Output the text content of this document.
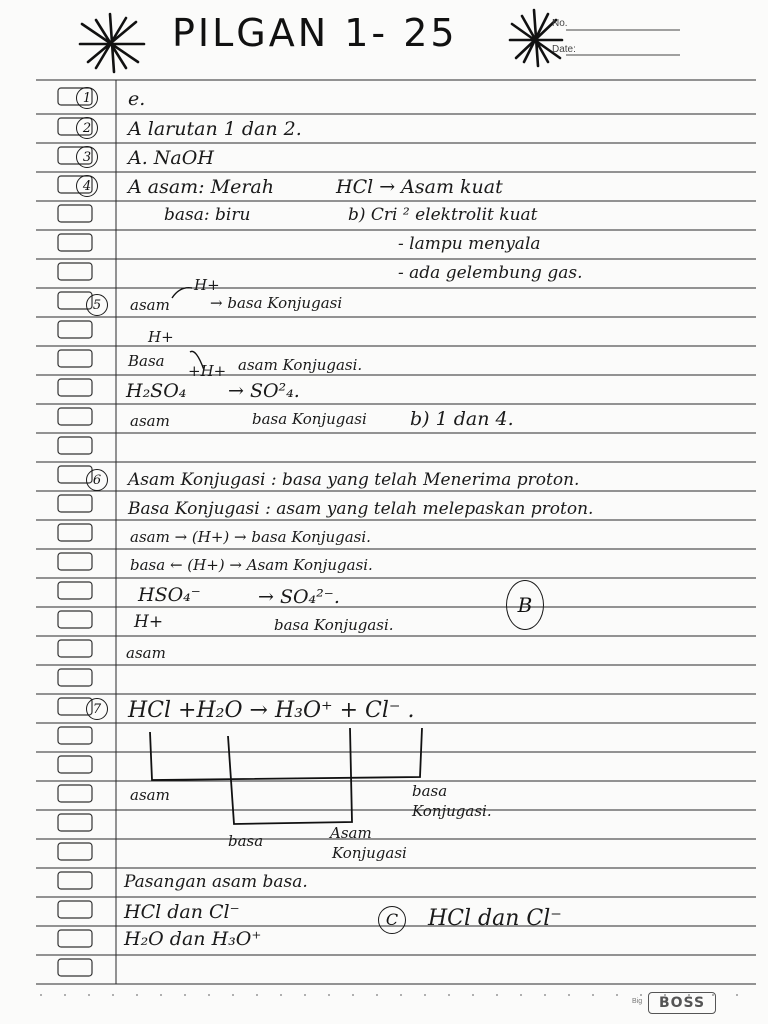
PILGAN 1- 25	No.
Date:
1
2
3
4
5
6
7
e.
A larutan 1 dan 2.
A. NaOH
A asam: Merah	HCl → Asam kuat
basa: biru	b) Cri ² elektrolit kuat
- lampu menyala
- ada gelembung gas.
asam
H+
→ basa Konjugasi
H+
Basa
+H+ asam Konjugasi.
H₂SO₄ → SO²₄.
asam	basa Konjugasi b) 1 dan 4.
Asam Konjugasi : basa yang telah Menerima proton.
Basa Konjugasi : asam yang telah melepaskan proton.
asam → (H+) → basa Konjugasi.
basa ← (H+) → Asam Konjugasi.
HSO₄⁻	→ SO₄²⁻.
H+	basa Konjugasi.
asam
B
HCl +H₂O → H₃O⁺ + Cl⁻ .
asam	basa
Konjugasi.
basa	Asam
Konjugasi
Pasangan asam basa.
HCl dan Cl⁻
H₂O dan H₃O⁺
C	HCl dan Cl⁻
Big	BOSS
